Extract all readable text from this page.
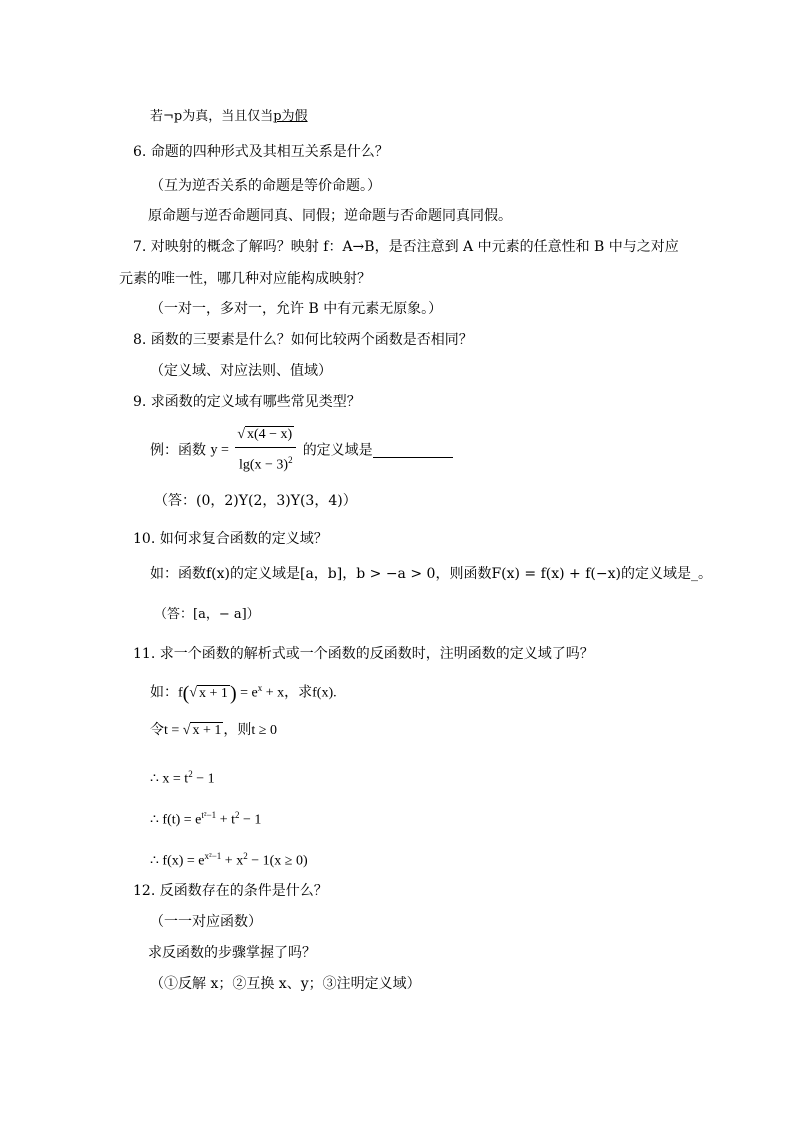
若¬p为真，当且仅当p为假
6. 命题的四种形式及其相互关系是什么？
（互为逆否关系的命题是等价命题。）
原命题与逆否命题同真、同假；逆命题与否命题同真同假。
7. 对映射的概念了解吗？映射 f：A→B，是否注意到 A 中元素的任意性和 B 中与之对应
元素的唯一性，哪几种对应能构成映射？
（一对一，多对一，允许 B 中有元素无原象。）
8. 函数的三要素是什么？如何比较两个函数是否相同？
（定义域、对应法则、值域）
9. 求函数的定义域有哪些常见类型？
例：函数 $y = \frac{√ x(4 - x)}{\lg(x - 3)^2}$ 的定义域是
（答：(0，2)Y(2，3)Y(3，4)）
10. 如何求复合函数的定义域？
如：函数f(x)的定义域是[a，b]，b > −a > 0，则函数F(x) = f(x) + f(−x)的定义域是_。
（答：[a，− a]）
11. 求一个函数的解析式或一个函数的反函数时，注明函数的定义域了吗？
如：f(√ x + 1 ) = $e^x + x$，求f(x).
令t = √ x + 1 ，则t ≥ 0
∴ $x = t^2 - 1$
∴ $f(t) = e^{t^2-1} + t^2 - 1$
∴ $f(x) = e^{x^2-1} + x^2 - 1(x \ge 0)$
12. 反函数存在的条件是什么？
（一一对应函数）
求反函数的步骤掌握了吗？
（①反解 x；②互换 x、y；③注明定义域）
